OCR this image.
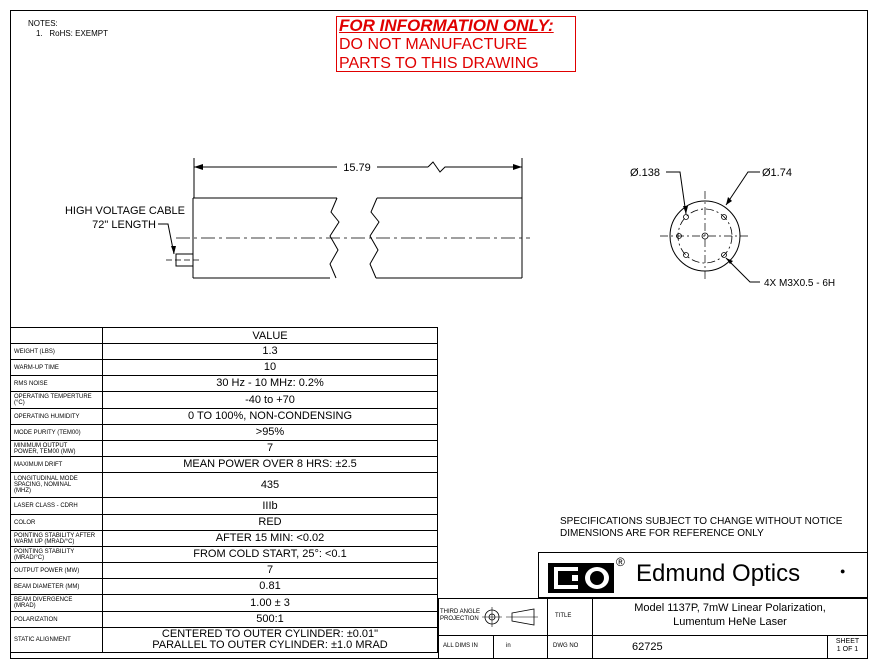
NOTES:
1. RoHS: EXEMPT	FOR INFORMATION ONLY:
DO NOT MANUFACTURE
PARTS TO THIS DRAWING
15.79
HIGH VOLTAGE CABLE
72" LENGTH
Ø.138	Ø1.74
4X M3X0.5 - 6H
	VALUE
WEIGHT (LBS)	1.3
WARM-UP TIME	10
RMS NOISE	30 Hz - 10 MHz: 0.2%
OPERATING TEMPERTURE
(°C)	-40 to +70
OPERATING HUMIDITY	0 TO 100%, NON-CONDENSING
MODE PURITY (TEM00)	>95%
MINIMUM OUTPUT
POWER, TEM00 (MW)	7
MAXIMUM DRIFT	MEAN POWER OVER 8 HRS: ±2.5
LONGITUDINAL MODE
SPACING, NOMINAL
(MHZ)	435
LASER CLASS - CDRH	IIIb
COLOR	RED
POINTING STABILITY AFTER
WARM UP (MRAD/°C)	AFTER 15 MIN: <0.02
POINTING STABILITY
(MRAD/°C)	FROM COLD START, 25°: <0.1
OUTPUT POWER (MW)	7
BEAM DIAMETER (MM)	0.81
BEAM DIVERGENCE
(MRAD)	1.00 ± 3
POLARIZATION	500:1
STATIC ALIGNMENT	CENTERED TO OUTER CYLINDER: ±0.01"
PARALLEL TO OUTER CYLINDER: ±1.0 MRAD
SPECIFICATIONS SUBJECT TO CHANGE WITHOUT NOTICE
DIMENSIONS ARE FOR REFERENCE ONLY
® Edmund Optics	●
THIRD ANGLE
PROJECTION	TITLE
Model 1137P, 7mW Linear Polarization,
Lumentum HeNe Laser
ALL DIMS IN	in	DWG NO	62725	SHEET
1 OF 1
